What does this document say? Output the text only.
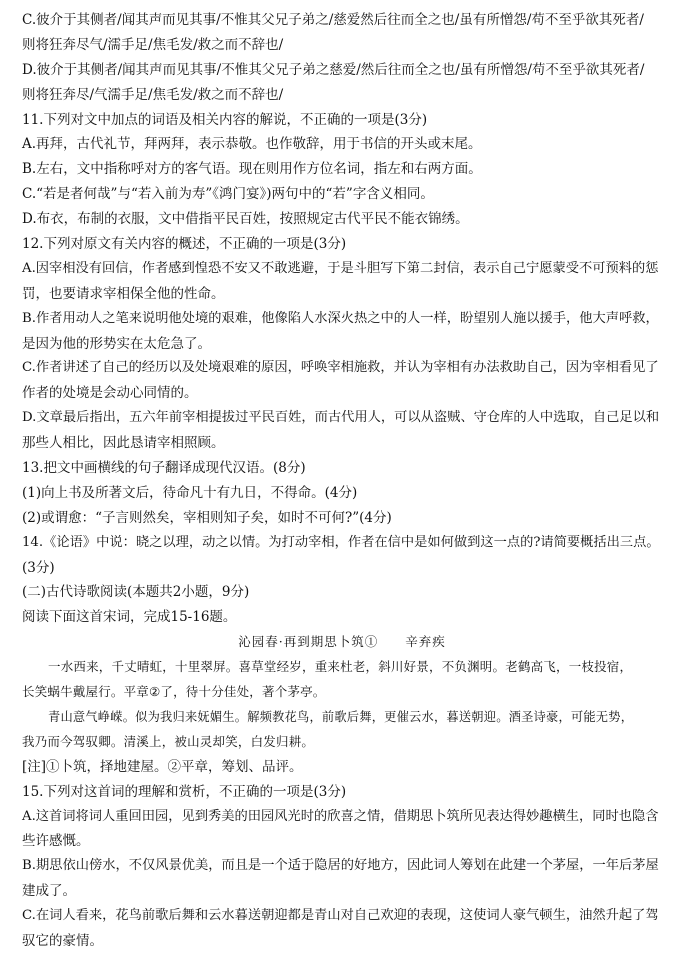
C.彼介于其侧者/闻其声而见其事/不惟其父兄子弟之/慈爱然后往而全之也/虽有所憎怨/苟不至乎欲其死者/
则将狂奔尽气/濡手足/焦毛发/救之而不辞也/
D.彼介于其侧者/闻其声而见其事/不惟其父兄子弟之慈爱/然后往而全之也/虽有所憎怨/苟不至乎欲其死者/
则将狂奔尽/气濡手足/焦毛发/救之而不辞也/
11.下列对文中加点的词语及相关内容的解说，不正确的一项是(3分)
A.再拜，古代礼节，拜两拜，表示恭敬。也作敬辞，用于书信的开头或末尾。
B.左右，文中指称呼对方的客气语。现在则用作方位名词，指左和右两方面。
C.“若是者何哉”与“若入前为寿”《鸿门宴》)两句中的“若”字含义相同。
D.布衣，布制的衣服，文中借指平民百姓，按照规定古代平民不能衣锦绣。
12.下列对原文有关内容的概述，不正确的一项是(3分)
A.因宰相没有回信，作者感到惶恐不安又不敢逃避，于是斗胆写下第二封信，表示自己宁愿蒙受不可预料的惩
罚，也要请求宰相保全他的性命。
B.作者用动人之笔来说明他处境的艰难，他像陷人水深火热之中的人一样，盼望别人施以援手，他大声呼救，
是因为他的形势实在太危急了。
C.作者讲述了自己的经历以及处境艰难的原因，呼唤宰相施救，并认为宰相有办法救助自己，因为宰相看见了
作者的处境是会动心同情的。
D.文章最后指出，五六年前宰相提拔过平民百姓，而古代用人，可以从盗贼、守仓库的人中选取，自己足以和
那些人相比，因此恳请宰相照顾。
13.把文中画横线的句子翻译成现代汉语。(8分)
(1)向上书及所著文后，待命凡十有九日，不得命。(4分)
(2)或谓愈：“子言则然矣，宰相则知子矣，如时不可何?”(4分)
14.《论语》中说：晓之以理，动之以情。为打动宰相，作者在信中是如何做到这一点的?请简要概括出三点。
(3分)
(二)古代诗歌阅读(本题共2小题，9分)
阅读下面这首宋词，完成15-16题。
沁园春·再到期思卜筑①　　辛弃疾
一水西来，千丈晴虹，十里翠屏。喜草堂经岁，重来杜老，斜川好景，不负渊明。老鹤高飞，一枝投宿，
长笑蜗牛戴屋行。平章②了，待十分佳处，著个茅亭。
青山意气峥嵘。似为我归来妩媚生。解频教花鸟，前歌后舞，更催云水，暮送朝迎。酒圣诗豪，可能无势，
我乃而今驾驭卿。清溪上，被山灵却笑，白发归耕。
[注]①卜筑，择地建屋。②平章，筹划、品评。
15.下列对这首词的理解和赏析，不正确的一项是(3分)
A.这首词将词人重回田园，见到秀美的田园风光时的欣喜之情，借期思卜筑所见表达得妙趣横生，同时也隐含
些许感慨。
B.期思依山傍水，不仅风景优美，而且是一个适于隐居的好地方，因此词人筹划在此建一个茅屋，一年后茅屋
建成了。
C.在词人看来，花鸟前歌后舞和云水暮送朝迎都是青山对自己欢迎的表现，这使词人豪气顿生，油然升起了驾
驭它的豪情。
